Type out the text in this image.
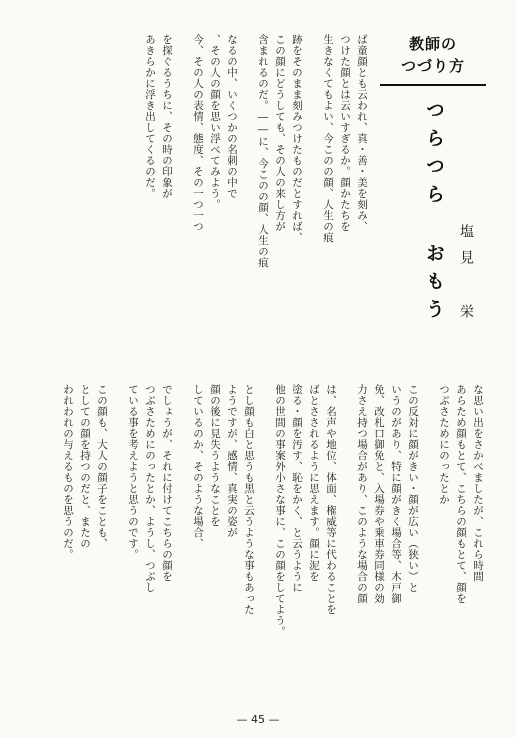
教師の
つづり方
つらつら おもう 塩見 栄
ば童顔とも云われ、真・善・美を刻み、
つけた顔とは云いすぎるか。顔かたちを
生きなくてもよい、今このの顔、人生の痕
跡をそのまま刻みつけたものだとすれば、
この顔にどうしても、その人の来し方が
含まれるのだ。――に、今このの顔、人生の痕
なるの中、いくつかの名刺の中で
、その人の顔を思い浮べてみよう。
今、その人の表情、態度、その一つ一つ
を探ぐるうちに、その時の印象が
あきらかに浮き出してくるのだ。
な思い出をさかべましたが、これら時間
あらため顔もとて、こちらの顔もとて、顔を
つぶさためにのったとか
この反対に顔がきい・顔が広い（狭い）と
いうのがあり、特に顔がきく場合等、木戸御
免、改札口御免と、入場券や乗車券同様の効
力さえ持つ場合があり、このような場合の顔
は、名声や地位、体面、権威等に代わることを
ばとさされるように思えます。顔に泥を
塗る・顔を汚す、恥をかく、と云うように
他の世間の事案外小さな事に、この顔をしてよう。
とし顔も白と思うも黒と云うような事もあった
ようですが、感情、真実の姿が
顔の後に見失うようなことを
しているのか、そのような場合、
でしょうが、それに付けてこちらの顔を
つぶさためにのったとか、ようし、つぶし
ている事を考えようと思うのです。
この顔も、大人の顔子をことも、
としての顔を持つのだと、またの
われわれの与えるものを思うのだ。
— 45 —
